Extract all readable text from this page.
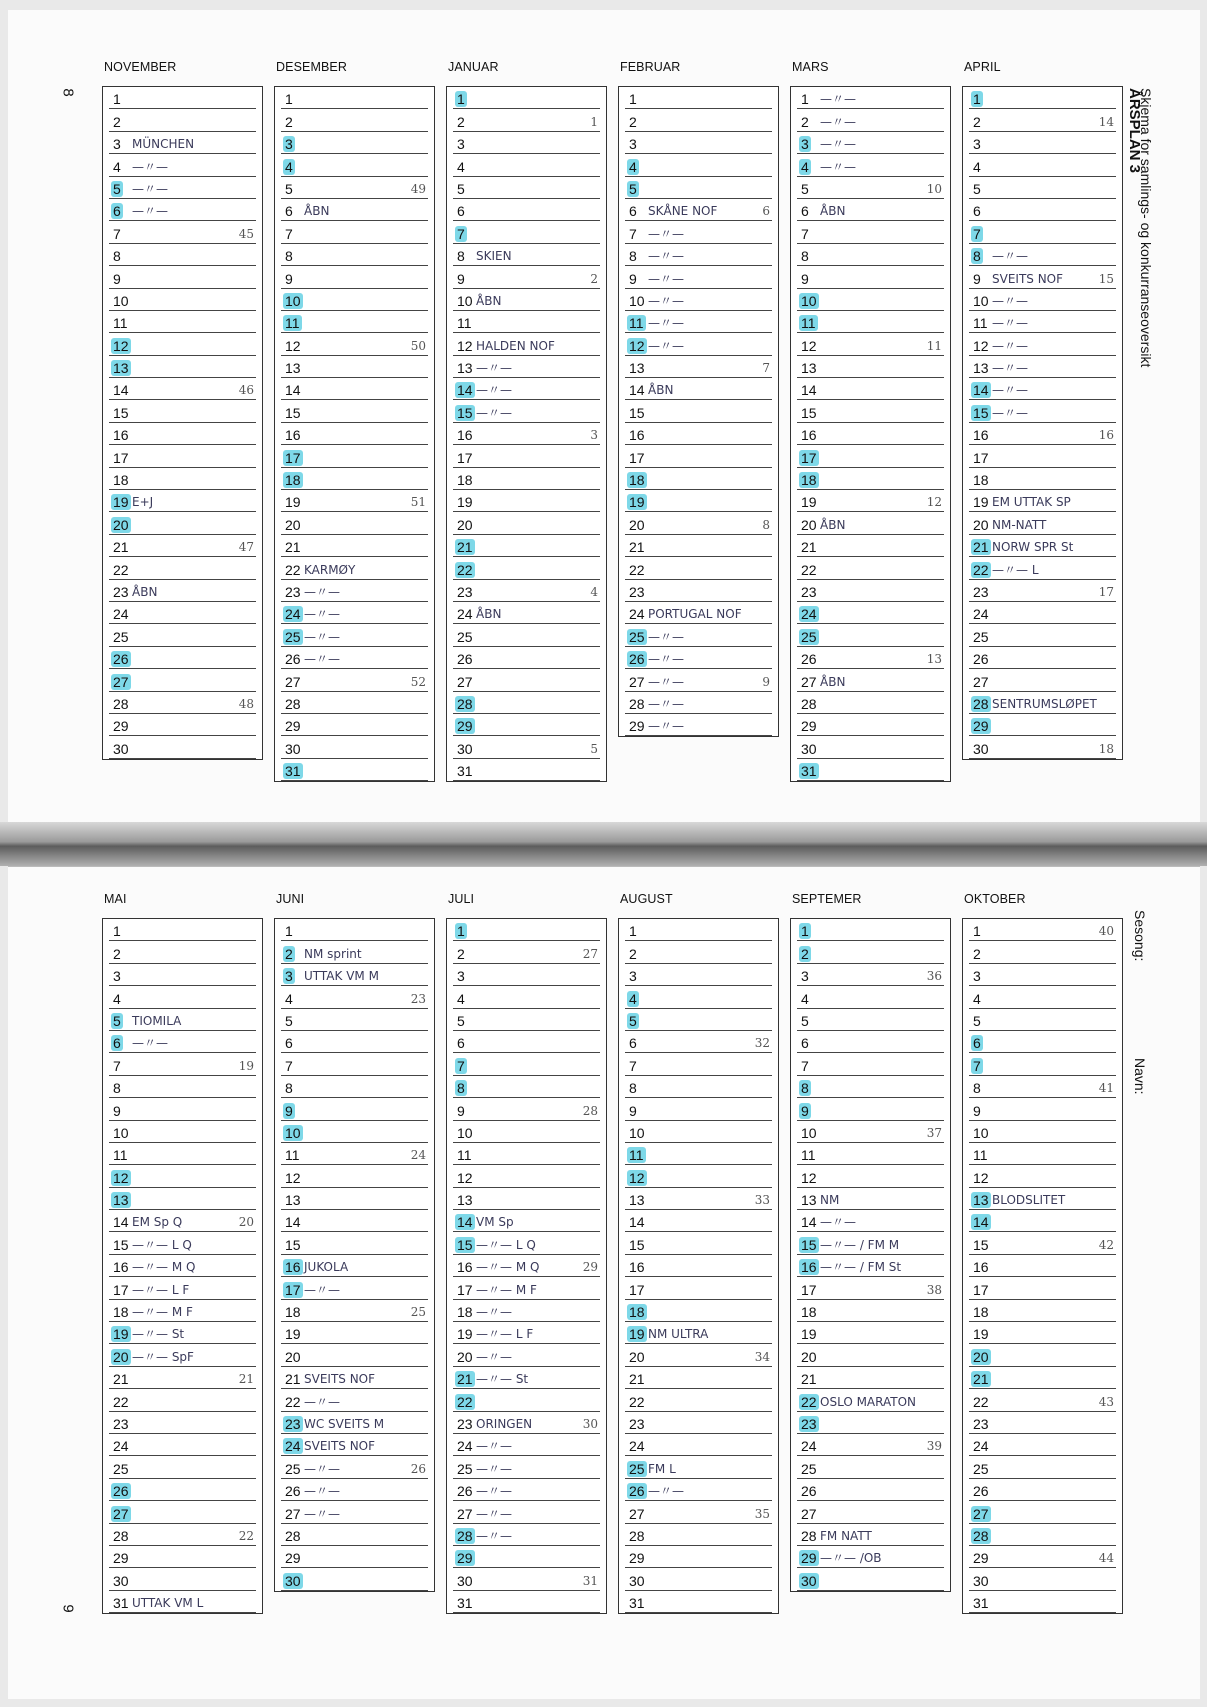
8	ÅRSPLAN 3
Skjema for samlings- og konkurranseoversikt
NOVEMBER
1
2
3 MÜNCHEN
4 —〃—
5 —〃—
6 —〃—
7	45
8
9
10
11
12
13
14	46
15
16
17
18
19 E+J
20
21	47
22
23 ÅBN
24
25
26
27
28	48
29
30
DESEMBER
1
2
3
4
5	49
6 ÅBN
7
8
9
10
11
12	50
13
14
15
16
17
18
19	51
20
21
22 KARMØY
23 —〃—
24 —〃—
25 —〃—
26 —〃—
27	52
28
29
30
31
JANUAR
1
2	1
3
4
5
6
7
8 SKIEN
9	2
10 ÅBN
11
12 HALDEN NOF
13 —〃—
14 —〃—
15 —〃—
16	3
17
18
19
20
21
22
23	4
24 ÅBN
25
26
27
28
29
30	5
31
FEBRUAR
1
2
3
4
5
6 SKÅNE NOF	6
7 —〃—
8 —〃—
9 —〃—
10 —〃—
11 —〃—
12 —〃—
13	7
14 ÅBN
15
16
17
18
19
20	8
21
22
23
24 PORTUGAL NOF
25 —〃—
26 —〃—
27 —〃—	9
28 —〃—
29 —〃—
MARS
1 —〃—
2 —〃—
3 —〃—
4 —〃—
5	10
6 ÅBN
7
8
9
10
11
12	11
13
14
15
16
17
18
19	12
20 ÅBN
21
22
23
24
25
26	13
27 ÅBN
28
29
30
31
APRIL
1
2	14
3
4
5
6
7
8 —〃—
9 SVEITS NOF	15
10 —〃—
11 —〃—
12 —〃—
13 —〃—
14 —〃—
15 —〃—
16	16
17
18
19 EM UTTAK SP
20 NM-NATT
21 NORW SPR St
22 —〃— L
23	17
24
25
26
27
28 SENTRUMSLØPET
29
30	18
9
Sesong:
Navn:
MAI
1
2
3
4
5 TIOMILA
6 —〃—
7	19
8
9
10
11
12
13
14 EM Sp Q	20
15 —〃— L Q
16 —〃— M Q
17 —〃— L F
18 —〃— M F
19 —〃— St
20 —〃— SpF
21	21
22
23
24
25
26
27
28	22
29
30
31 UTTAK VM L
JUNI
1
2 NM sprint
3 UTTAK VM M
4	23
5
6
7
8
9
10
11	24
12
13
14
15
16 JUKOLA
17 —〃—
18	25
19
20
21 SVEITS NOF
22 —〃—
23 WC SVEITS M
24 SVEITS NOF
25 —〃—	26
26 —〃—
27 —〃—
28
29
30
JULI
1
2	27
3
4
5
6
7
8
9	28
10
11
12
13
14 VM Sp
15 —〃— L Q
16 —〃— M Q	29
17 —〃— M F
18 —〃—
19 —〃— L F
20 —〃—
21 —〃— St
22
23 ORINGEN	30
24 —〃—
25 —〃—
26 —〃—
27 —〃—
28 —〃—
29
30	31
31
AUGUST
1
2
3
4
5
6	32
7
8
9
10
11
12
13	33
14
15
16
17
18
19 NM ULTRA
20	34
21
22
23
24
25 FM L
26 —〃—
27	35
28
29
30
31
SEPTEMER
1
2
3	36
4
5
6
7
8
9
10	37
11
12
13 NM
14 —〃—
15 —〃— / FM M
16 —〃— / FM St
17	38
18
19
20
21
22 OSLO MARATON
23
24	39
25
26
27
28 FM NATT
29 —〃— /OB
30
OKTOBER
1	40
2
3
4
5
6
7
8	41
9
10
11
12
13 BLODSLITET
14
15	42
16
17
18
19
20
21
22	43
23
24
25
26
27
28
29	44
30
31
